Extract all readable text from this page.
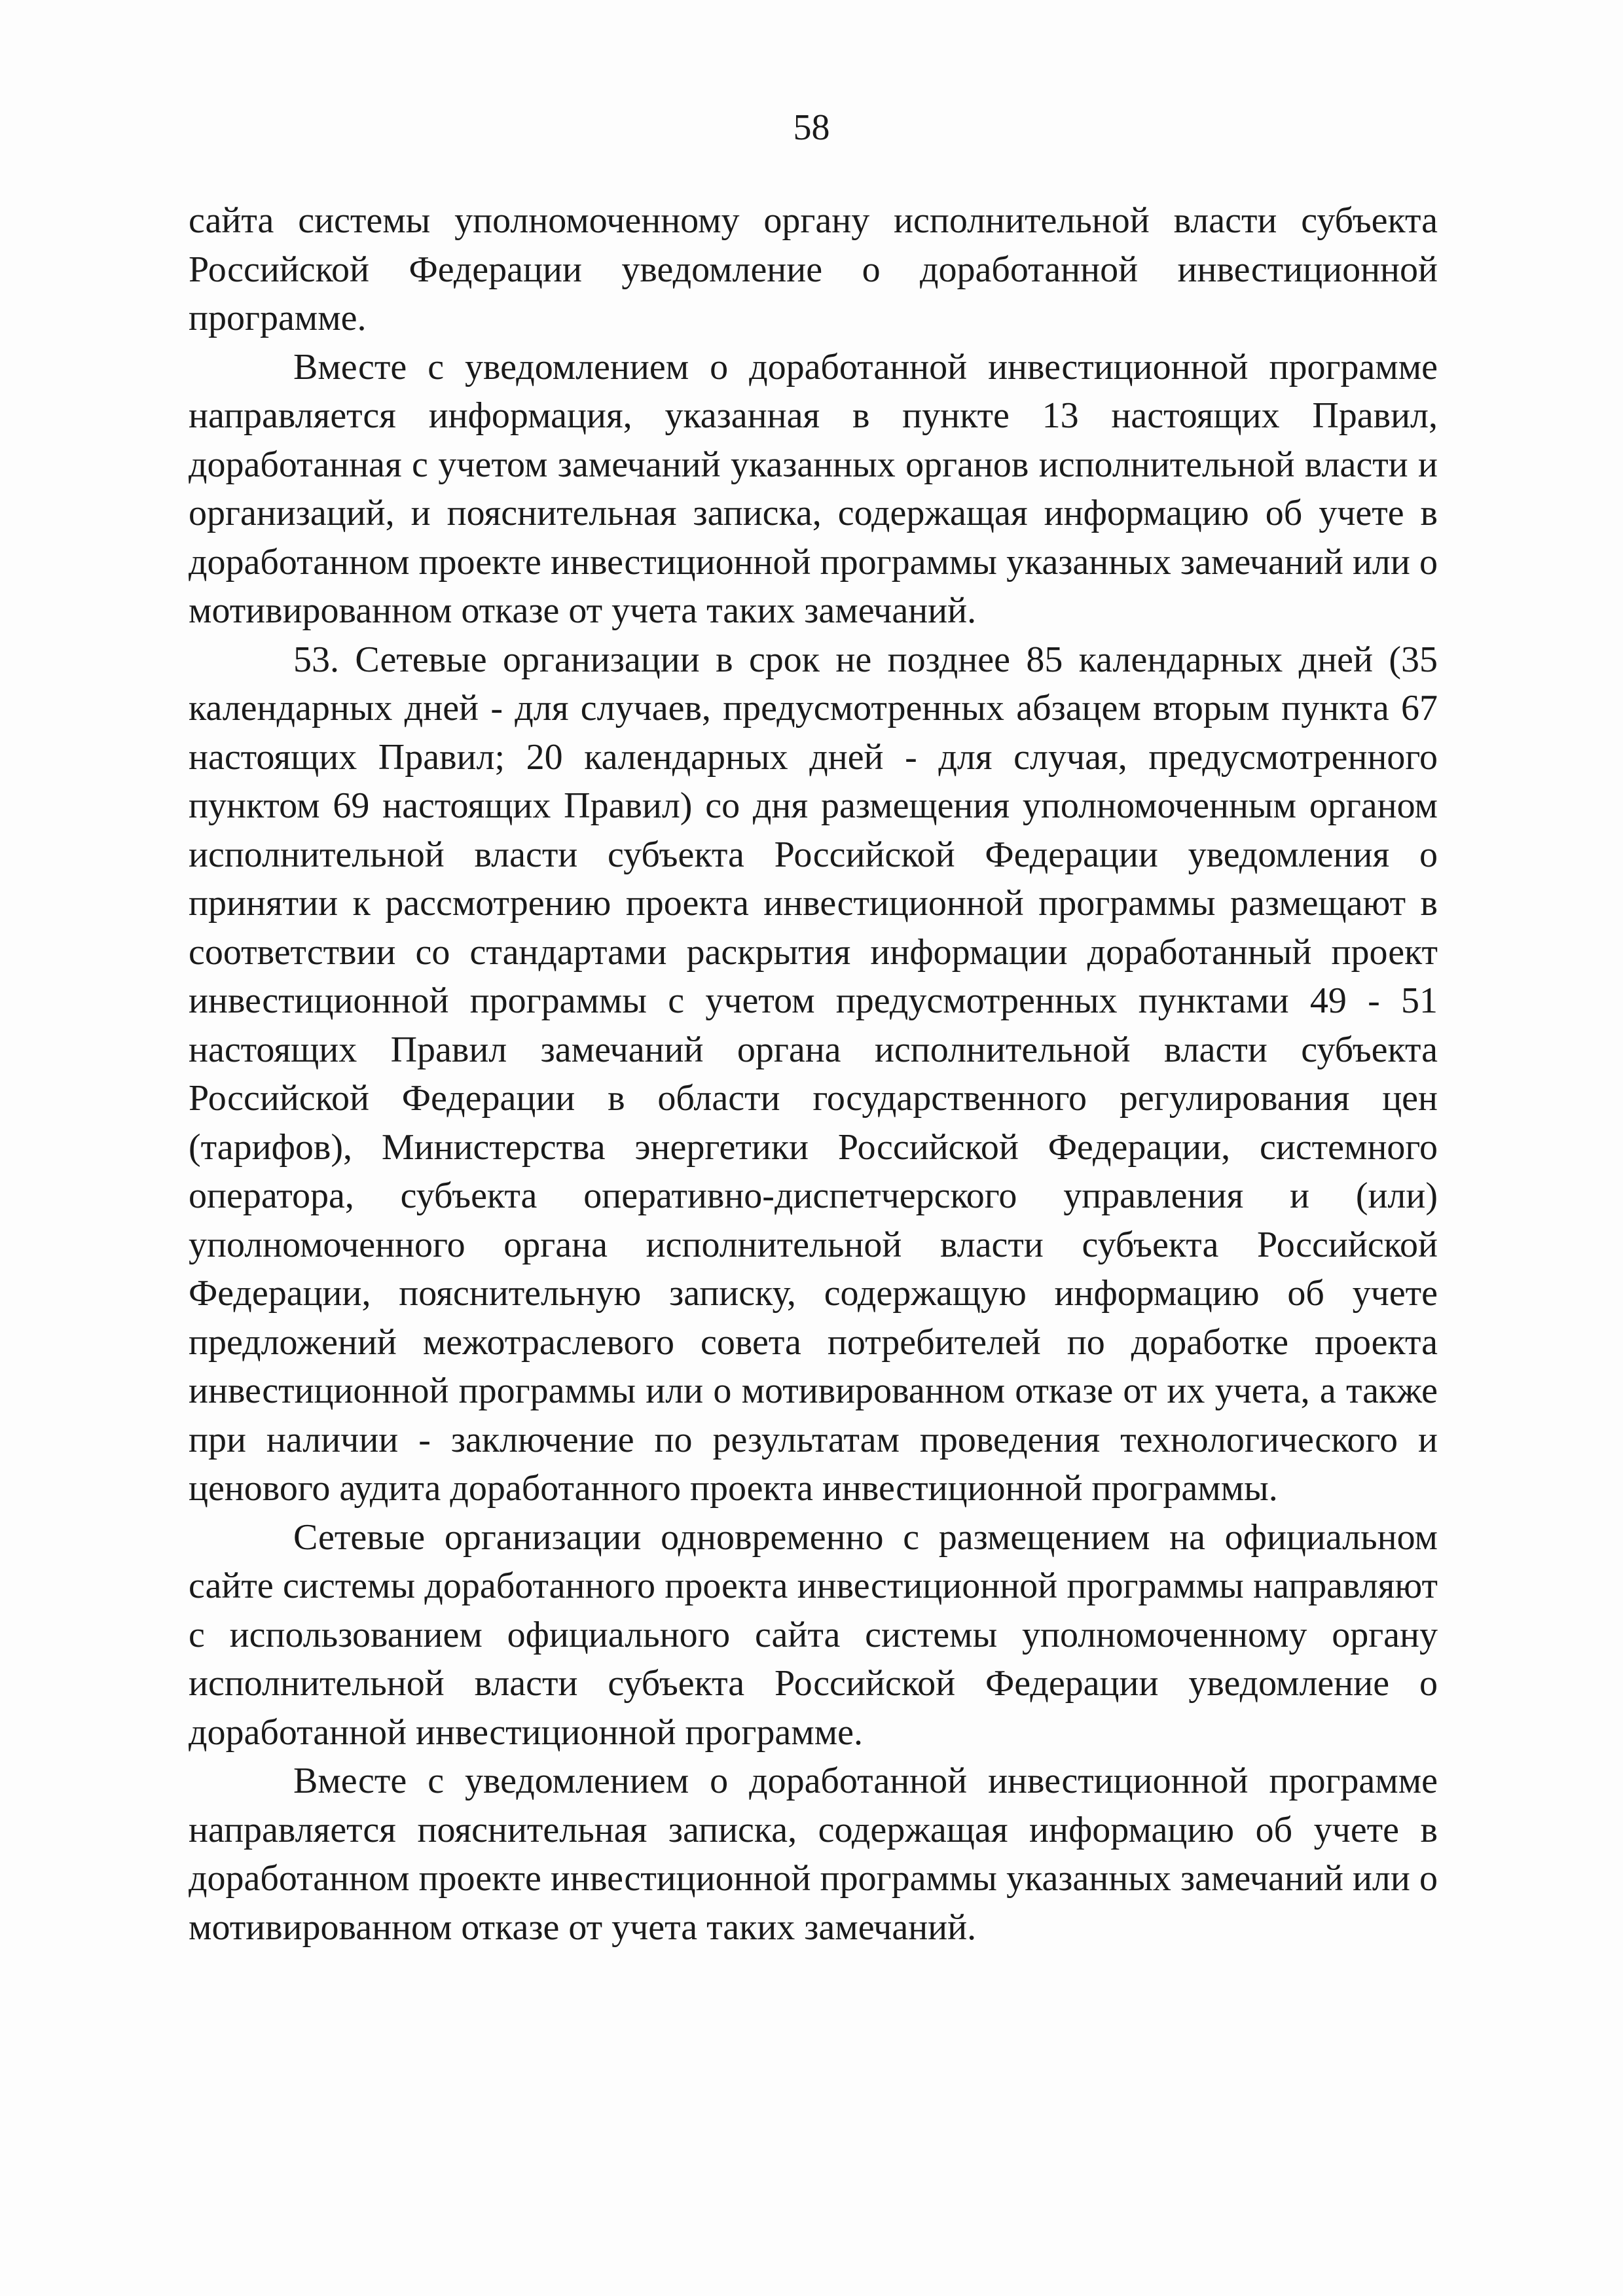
58

сайта системы уполномоченному органу исполнительной власти субъекта Российской Федерации уведомление о доработанной инвестиционной программе.

Вместе с уведомлением о доработанной инвестиционной программе направляется информация, указанная в пункте 13 настоящих Правил, доработанная с учетом замечаний указанных органов исполнительной власти и организаций, и пояснительная записка, содержащая информацию об учете в доработанном проекте инвестиционной программы указанных замечаний или о мотивированном отказе от учета таких замечаний.

53. Сетевые организации в срок не позднее 85 календарных дней (35 календарных дней - для случаев, предусмотренных абзацем вторым пункта 67 настоящих Правил; 20 календарных дней - для случая, предусмотренного пунктом 69 настоящих Правил) со дня размещения уполномоченным органом исполнительной власти субъекта Российской Федерации уведомления о принятии к рассмотрению проекта инвестиционной программы размещают в соответствии со стандартами раскрытия информации доработанный проект инвестиционной программы с учетом предусмотренных пунктами 49 - 51 настоящих Правил замечаний органа исполнительной власти субъекта Российской Федерации в области государственного регулирования цен (тарифов), Министерства энергетики Российской Федерации, системного оператора, субъекта оперативно-диспетчерского управления и (или) уполномоченного органа исполнительной власти субъекта Российской Федерации, пояснительную записку, содержащую информацию об учете предложений межотраслевого совета потребителей по доработке проекта инвестиционной программы или о мотивированном отказе от их учета, а также при наличии - заключение по результатам проведения технологического и ценового аудита доработанного проекта инвестиционной программы.

Сетевые организации одновременно с размещением на официальном сайте системы доработанного проекта инвестиционной программы направляют с использованием официального сайта системы уполномоченному органу исполнительной власти субъекта Российской Федерации уведомление о доработанной инвестиционной программе.

Вместе с уведомлением о доработанной инвестиционной программе направляется пояснительная записка, содержащая информацию об учете в доработанном проекте инвестиционной программы указанных замечаний или о мотивированном отказе от учета таких замечаний.
